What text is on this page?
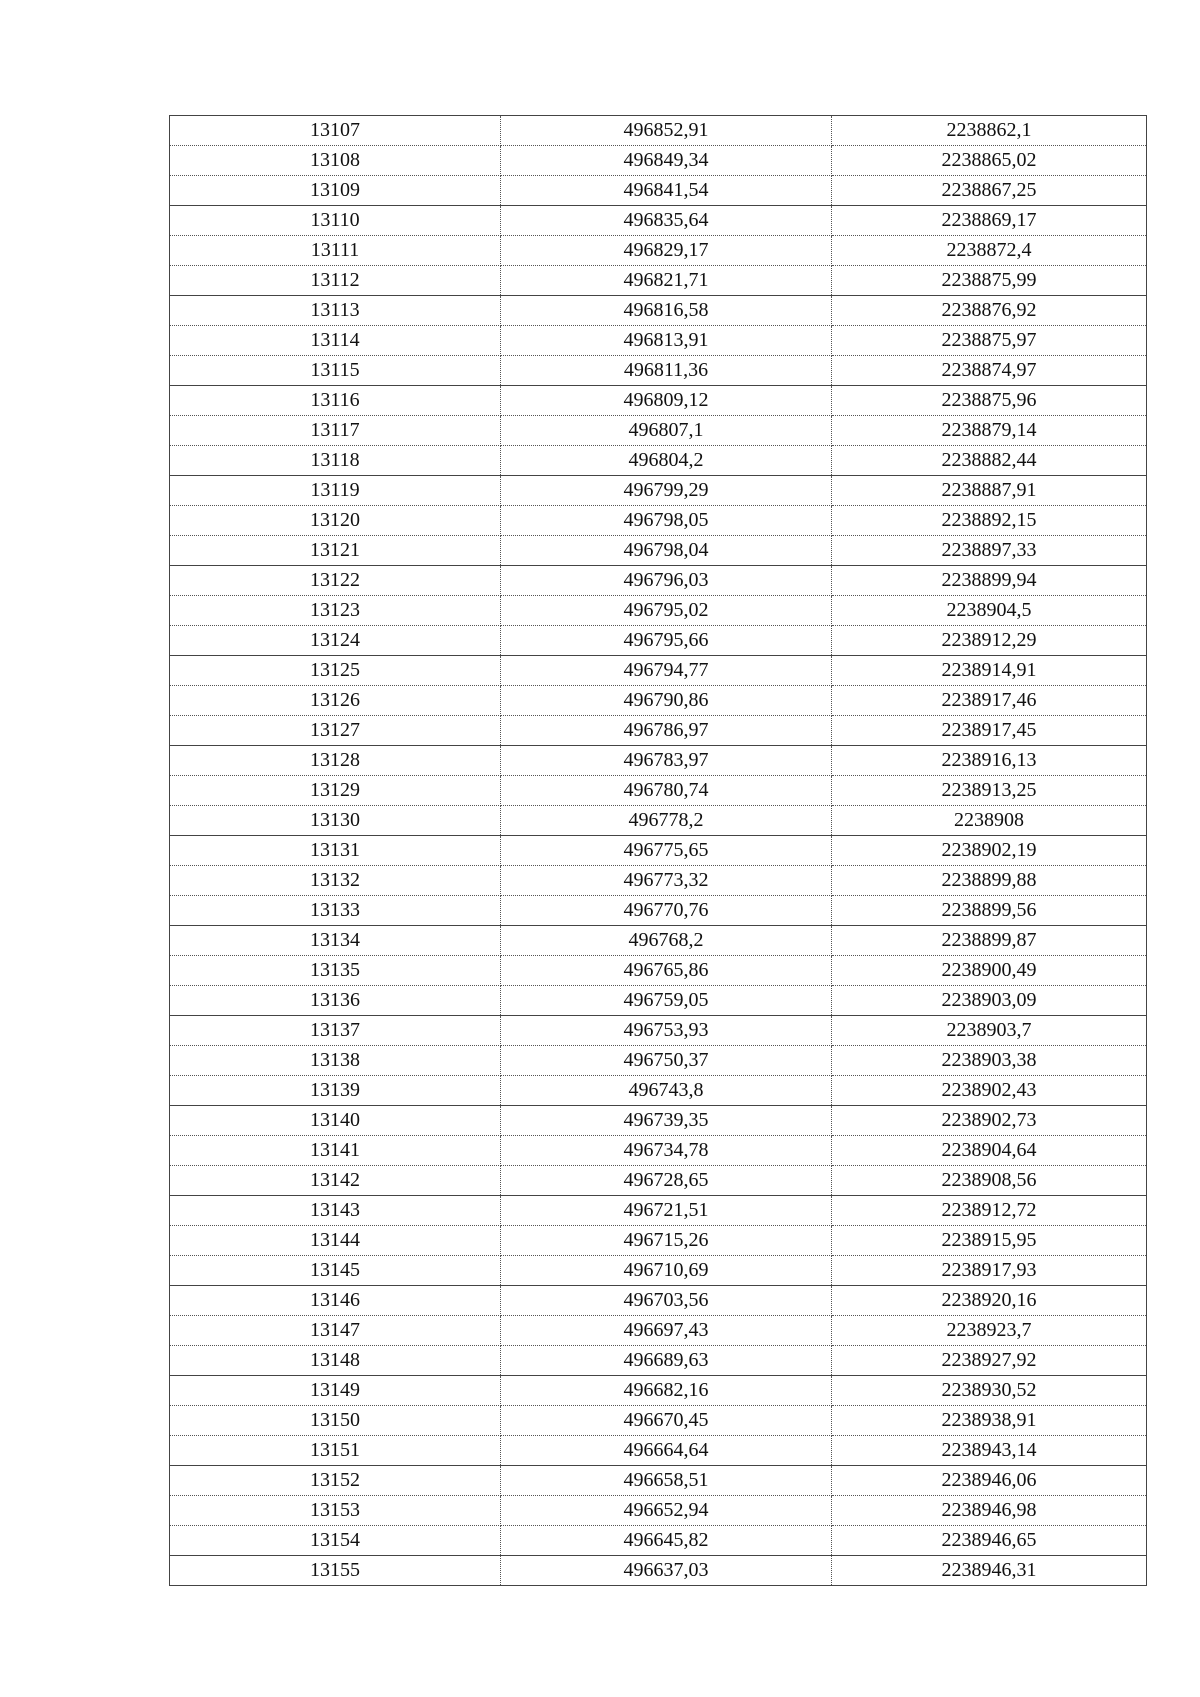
13107	496852,91	2238862,1
13108	496849,34	2238865,02
13109	496841,54	2238867,25
13110	496835,64	2238869,17
13111	496829,17	2238872,4
13112	496821,71	2238875,99
13113	496816,58	2238876,92
13114	496813,91	2238875,97
13115	496811,36	2238874,97
13116	496809,12	2238875,96
13117	496807,1	2238879,14
13118	496804,2	2238882,44
13119	496799,29	2238887,91
13120	496798,05	2238892,15
13121	496798,04	2238897,33
13122	496796,03	2238899,94
13123	496795,02	2238904,5
13124	496795,66	2238912,29
13125	496794,77	2238914,91
13126	496790,86	2238917,46
13127	496786,97	2238917,45
13128	496783,97	2238916,13
13129	496780,74	2238913,25
13130	496778,2	2238908
13131	496775,65	2238902,19
13132	496773,32	2238899,88
13133	496770,76	2238899,56
13134	496768,2	2238899,87
13135	496765,86	2238900,49
13136	496759,05	2238903,09
13137	496753,93	2238903,7
13138	496750,37	2238903,38
13139	496743,8	2238902,43
13140	496739,35	2238902,73
13141	496734,78	2238904,64
13142	496728,65	2238908,56
13143	496721,51	2238912,72
13144	496715,26	2238915,95
13145	496710,69	2238917,93
13146	496703,56	2238920,16
13147	496697,43	2238923,7
13148	496689,63	2238927,92
13149	496682,16	2238930,52
13150	496670,45	2238938,91
13151	496664,64	2238943,14
13152	496658,51	2238946,06
13153	496652,94	2238946,98
13154	496645,82	2238946,65
13155	496637,03	2238946,31
